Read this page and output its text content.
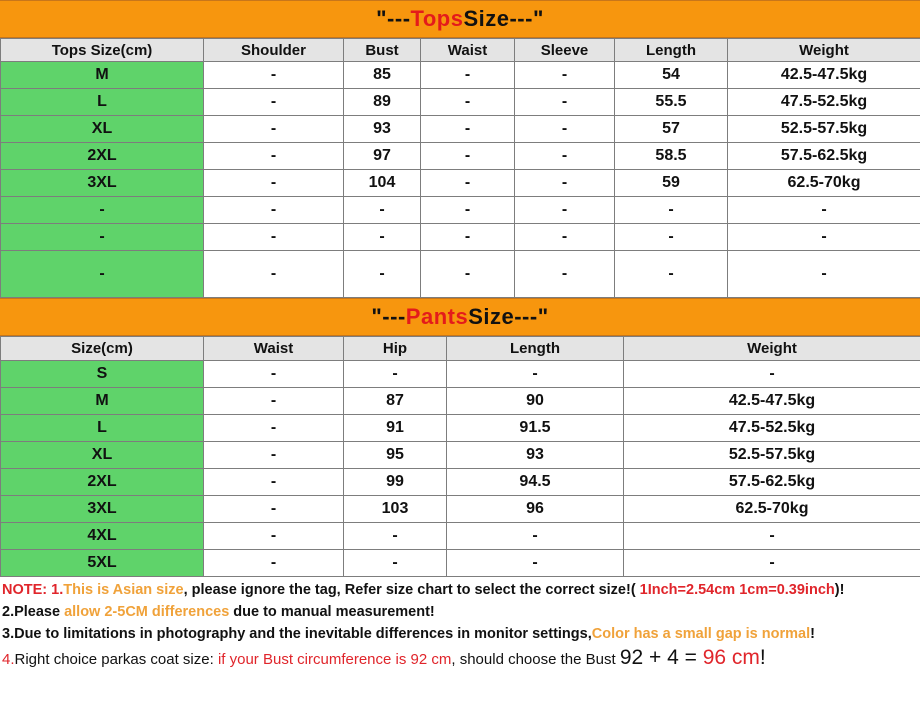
"--- Tops Size---"
Tops Size(cm)	Shoulder	Bust	Waist	Sleeve	Length	Weight
M	-	85	-	-	54	42.5-47.5kg
L	-	89	-	-	55.5	47.5-52.5kg
XL	-	93	-	-	57	52.5-57.5kg
2XL	-	97	-	-	58.5	57.5-62.5kg
3XL	-	104	-	-	59	62.5-70kg
-	-	-	-	-	-	-
-	-	-	-	-	-	-
-	-	-	-	-	-	-
"--- Pants Size---"
Size(cm)	Waist	Hip	Length	Weight
S	-	-	-	-
M	-	87	90	42.5-47.5kg
L	-	91	91.5	47.5-52.5kg
XL	-	95	93	52.5-57.5kg
2XL	-	99	94.5	57.5-62.5kg
3XL	-	103	96	62.5-70kg
4XL	-	-	-	-
5XL	-	-	-	-

NOTE: 1.This is Asian size, please ignore the tag, Refer size chart to select the correct size!( 1Inch=2.54cm 1cm=0.39inch)!

2.Please allow 2-5CM differences due to manual measurement!

3.Due to limitations in photography and the inevitable differences in monitor settings,Color has a small gap is normal!

4.Right choice parkas coat size: if your Bust circumference is 92 cm, should choose the Bust 92 + 4 = 96 cm!
